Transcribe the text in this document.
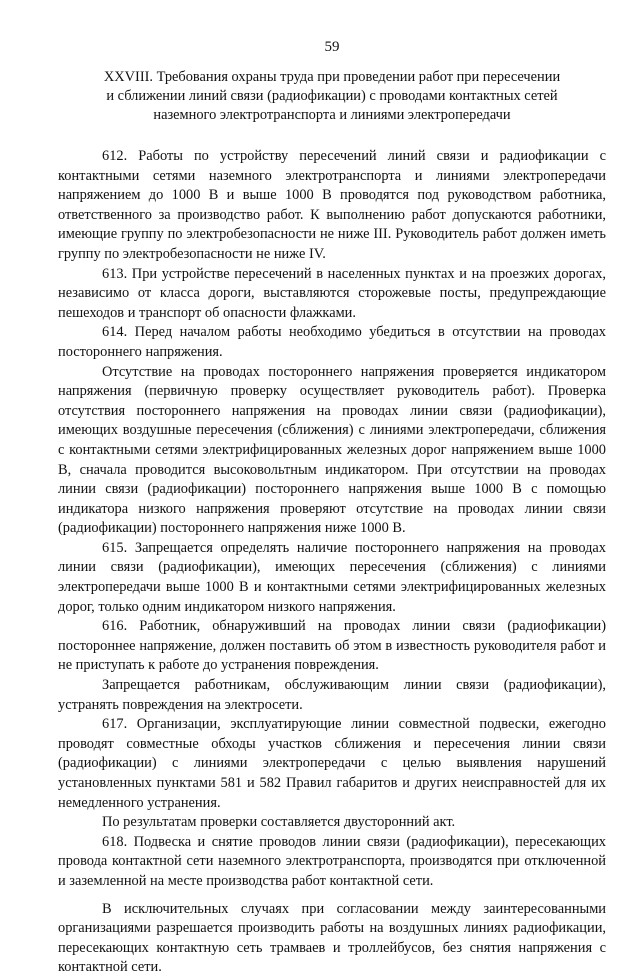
59
XXVIII. Требования охраны труда при проведении работ при пересечении
и сближении линий связи (радиофикации) с проводами контактных сетей
наземного электротранспорта и линиями электропередачи

612. Работы по устройству пересечений линий связи и радиофикации с контактными сетями наземного электротранспорта и линиями электропередачи напряжением до 1000 В и выше 1000 В проводятся под руководством работника, ответственного за производство работ. К выполнению работ допускаются работники, имеющие группу по электробезопасности не ниже III. Руководитель работ должен иметь группу по электробезопасности не ниже IV.

613. При устройстве пересечений в населенных пунктах и на проезжих дорогах, независимо от класса дороги, выставляются сторожевые посты, предупреждающие пешеходов и транспорт об опасности флажками.

614. Перед началом работы необходимо убедиться в отсутствии на проводах постороннего напряжения.

Отсутствие на проводах постороннего напряжения проверяется индикатором напряжения (первичную проверку осуществляет руководитель работ). Проверка отсутствия постороннего напряжения на проводах линии связи (радиофикации), имеющих воздушные пересечения (сближения) с линиями электропередачи, сближения с контактными сетями электрифицированных железных дорог напряжением выше 1000 В, сначала проводится высоковольтным индикатором. При отсутствии на проводах линии связи (радиофикации) постороннего напряжения выше 1000 В с помощью индикатора низкого напряжения проверяют отсутствие на проводах линии связи (радиофикации) постороннего напряжения ниже 1000 В.

615. Запрещается определять наличие постороннего напряжения на проводах линии связи (радиофикации), имеющих пересечения (сближения) с линиями электропередачи выше 1000 В и контактными сетями электрифицированных железных дорог, только одним индикатором низкого напряжения.

616. Работник, обнаруживший на проводах линии связи (радиофикации) постороннее напряжение, должен поставить об этом в известность руководителя работ и не приступать к работе до устранения повреждения.

Запрещается работникам, обслуживающим линии связи (радиофикации), устранять повреждения на электросети.

617. Организации, эксплуатирующие линии совместной подвески, ежегодно проводят совместные обходы участков сближения и пересечения линии связи (радиофикации) с линиями электропередачи с целью выявления нарушений установленных пунктами 581 и 582 Правил габаритов и других неисправностей для их немедленного устранения.

По результатам проверки составляется двусторонний акт.

618. Подвеска и снятие проводов линии связи (радиофикации), пересекающих провода контактной сети наземного электротранспорта, производятся при отключенной и заземленной на месте производства работ контактной сети.

В исключительных случаях при согласовании между заинтересованными организациями разрешается производить работы на воздушных линиях радиофикации, пересекающих контактную сеть трамваев и троллейбусов, без снятия напряжения с контактной сети.
